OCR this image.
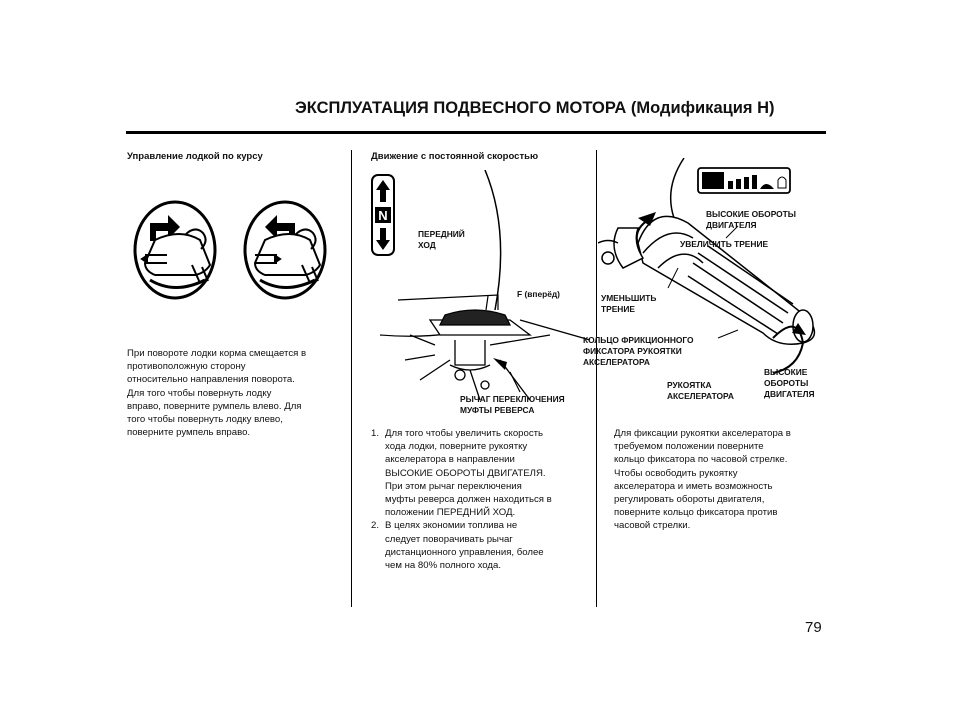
ЭКСПЛУАТАЦИЯ ПОДВЕСНОГО МОТОРА (Модификация H)
Управление лодкой по курсу
При повороте лодки корма смещается в
противоположную сторону
относительно направления поворота.
Для того чтобы повернуть лодку
вправо, поверните румпель влево. Для
того чтобы повернуть лодку влево,
поверните румпель вправо.
Движение с постоянной скоростью
N
ПЕРЕДНИЙ
ХОД
F (вперёд)
РЫЧАГ ПЕРЕКЛЮЧЕНИЯ
МУФТЫ РЕВЕРСА
1. Для того чтобы увеличить скорость
хода лодки, поверните рукоятку
акселератора в направлении
ВЫСОКИЕ ОБОРОТЫ ДВИГАТЕЛЯ.
При этом рычаг переключения
муфты реверса должен находиться в
положении ПЕРЕДНИЙ ХОД.
2. В целях экономии топлива не
следует поворачивать рычаг
дистанционного управления, более
чем на 80% полного хода.
ВЫСОКИЕ ОБОРОТЫ
ДВИГАТЕЛЯ
УВЕЛИЧИТЬ ТРЕНИЕ
УМЕНЬШИТЬ
ТРЕНИЕ
КОЛЬЦО ФРИКЦИОННОГО
ФИКСАТОРА РУКОЯТКИ
АКСЕЛЕРАТОРА
РУКОЯТКА
АКСЕЛЕРАТОРА
ВЫСОКИЕ
ОБОРОТЫ
ДВИГАТЕЛЯ
Для фиксации рукоятки акселератора в
требуемом положении поверните
кольцо фиксатора по часовой стрелке.
Чтобы освободить рукоятку
акселератора и иметь возможность
регулировать обороты двигателя,
поверните кольцо фиксатора против
часовой стрелки.
79
